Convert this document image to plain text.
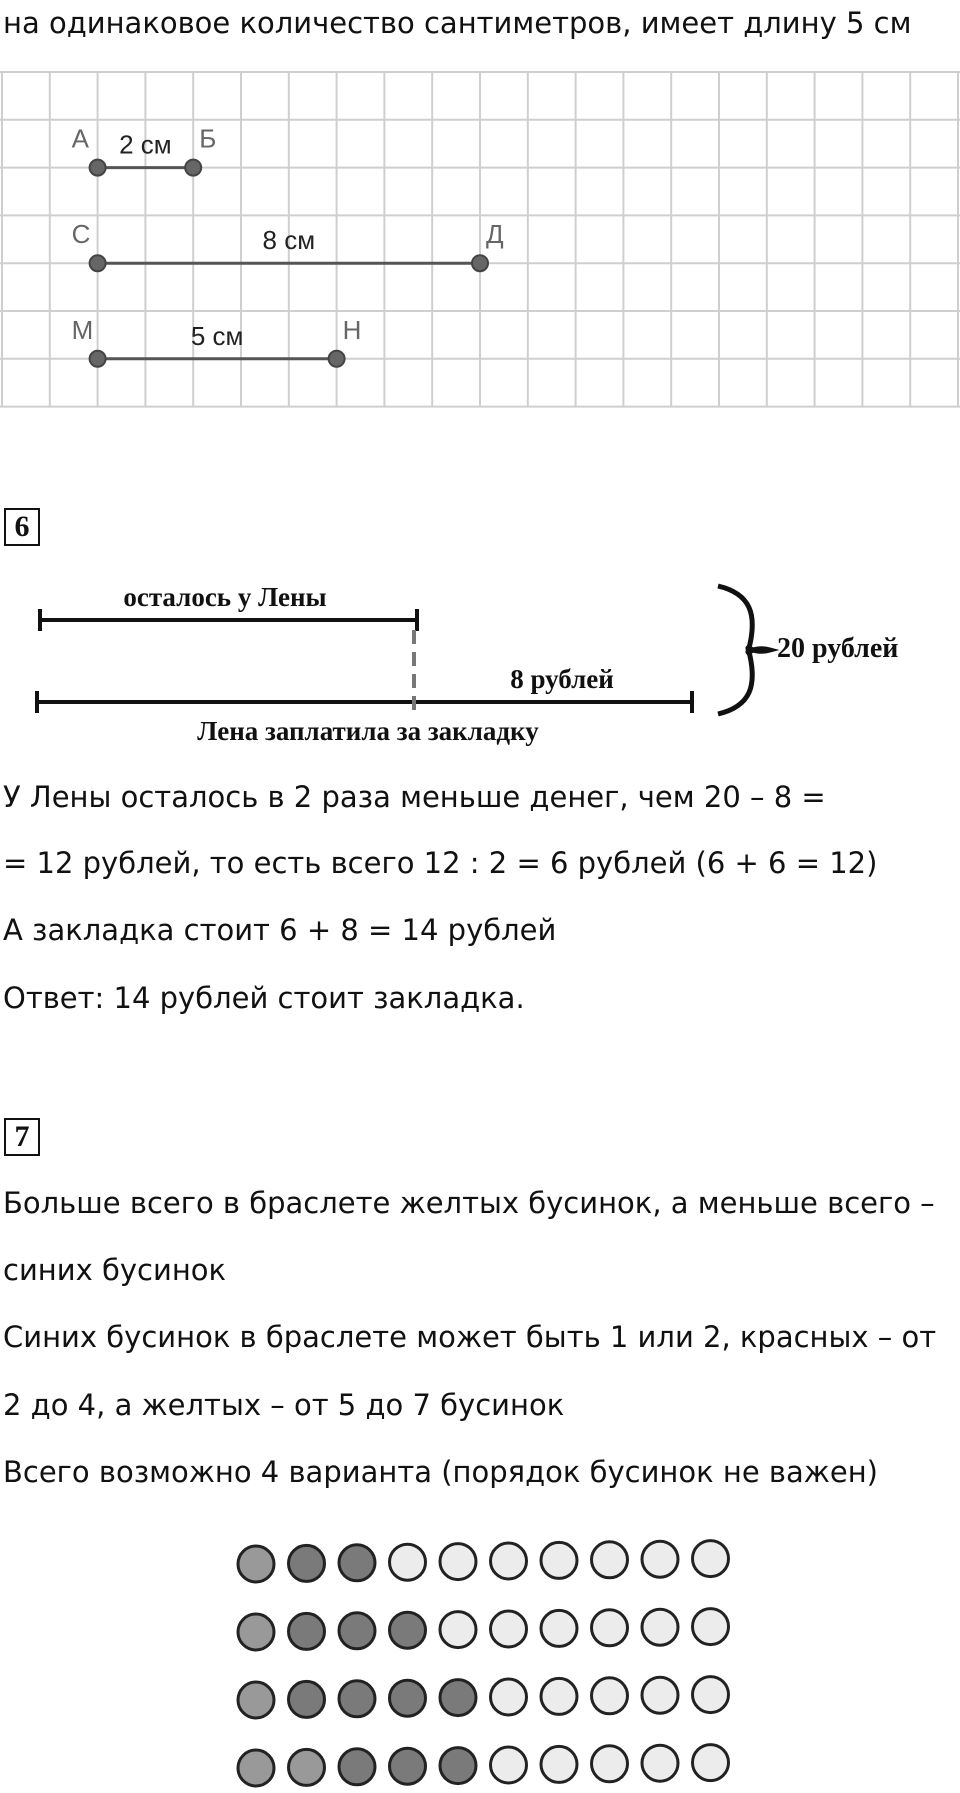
на одинаковое количество сантиметров, имеет длину 5 см

А	Б
2 см
С	Д
8 см
М	Н
5 см
6
осталось у Лены
8 рублей
20 рублей
Лена заплатила за закладку

У Лены осталось в 2 раза меньше денег, чем 20 – 8 =

= 12 рублей, то есть всего 12 : 2 = 6 рублей (6 + 6 = 12)

А закладка стоит 6 + 8 = 14 рублей

Ответ: 14 рублей стоит закладка.

7

Больше всего в браслете желтых бусинок, а меньше всего –

синих бусинок

Синих бусинок в браслете может быть 1 или 2, красных – от

2 до 4, а желтых – от 5 до 7 бусинок

Всего возможно 4 варианта (порядок бусинок не важен)
